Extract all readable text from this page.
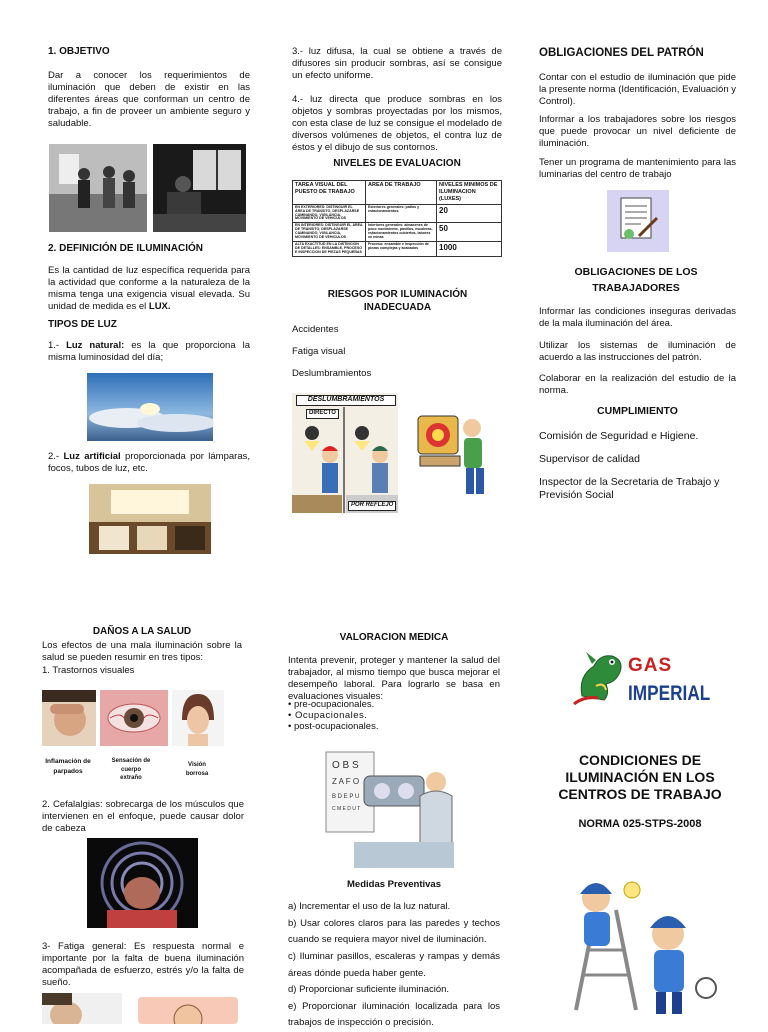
1. OBJETIVO
Dar a conocer los requerimientos de iluminación que deben de existir en las diferentes áreas que conforman un centro de trabajo, a fin de proveer un ambiente seguro y saludable.
2. DEFINICIÓN DE ILUMINACIÓN
Es la cantidad de luz específica requerida para la actividad que conforme a la naturaleza de la misma tenga una exigencia visual elevada. Su unidad de medida es el LUX.
TIPOS DE LUZ
1.- Luz natural: es la que proporciona la misma luminosidad del día;
2.- Luz artificial proporcionada por lámparas, focos, tubos de luz, etc.
3.- luz difusa, la cual se obtiene a través de difusores sin producir sombras, así se consigue un efecto uniforme.
4.- luz directa que produce sombras en los objetos y sombras proyectadas por los mismos, con esta clase de luz se consigue el modelado de diversos volúmenes de objetos, el contra luz de éstos y el dibujo de sus contornos.
NIVELES DE EVALUACION
TAREA VISUAL DEL PUESTO DE TRABAJO	AREA DE TRABAJO	NIVELES MINIMOS DE ILUMINACION (LUXES)
EN EXTERIORES: DISTINGUIR EL ÁREA DE TRÁNSITO, DESPLAZARSE CAMINANDO, VIGILANCIA, MOVIMIENTO DE VEHICULOS	Exteriores generales: patios y estacionamientos.	20
EN INTERIORES: DISTINGUIR EL ÁREA DE TRÁNSITO, DESPLAZARSE CAMINANDO, VIGILANCIA, MOVIMIENTO DE VEHICULOS	Interiores generales: almacenes de poco movimiento, pasillos, escaleras, estacionamientos cubiertos, labores en minas	50
ALTA EXACTITUD EN LA DISTINCION DE DETALLES: ENSAMBLE, PROCESO E INSPECCION DE PIEZAS PEQUEÑAS	Proceso: ensamble e inspección de piezas complejas y acabados	1000
RIESGOS POR ILUMINACIÓN INADECUADA
Accidentes
Fatiga visual
Deslumbramientos
DESLUMBRAMIENTOS
DIRECTO
POR REFLEJO
OBLIGACIONES DEL PATRÓN
Contar con el estudio de iluminación que pide la presente norma (Identificación, Evaluación y Control).
Informar a los trabajadores sobre los riesgos que puede provocar un nivel deficiente de iluminación.
Tener un programa de mantenimiento para las luminarias del centro de trabajo
OBLIGACIONES DE LOS TRABAJADORES
Informar las condiciones inseguras derivadas de la mala iluminación del área.
Utilizar los sistemas de iluminación de acuerdo a las instrucciones del patrón.
Colaborar en la realización del estudio de la norma.
CUMPLIMIENTO
Comisión de Seguridad e Higiene.
Supervisor de calidad
Inspector de la Secretaria de Trabajo y Previsión Social
DAÑOS A LA SALUD
Los efectos de una mala iluminación sobre la salud se pueden resumir en tres tipos:
1. Trastornos visuales
Inflamación de parpados
Sensación de cuerpo extraño
Visión borrosa
2. Cefalalgias: sobrecarga de los músculos que intervienen en el enfoque, puede causar dolor de cabeza
3- Fatiga general: Es respuesta normal e importante por la falta de buena iluminación acompañada de esfuerzo, estrés y/o la falta de sueño.
VALORACION MEDICA
Intenta prevenir, proteger y mantener la salud del trabajador, al mismo tiempo que busca mejorar el desempeño laboral. Para lograrlo se basa en evaluaciones visuales:
• pre-ocupacionales.
• Ocupacionales.
• post-ocupacionales.
O B S
Z A F O
B D E P U
C M E D U T
Medidas Preventivas
a) Incrementar el uso de la luz natural.
b) Usar colores claros para las paredes y techos cuando se requiera mayor nivel de iluminación.
c) Iluminar pasillos, escaleras y rampas y demás áreas dónde pueda haber gente.
d) Proporcionar suficiente iluminación.
e) Proporcionar iluminación localizada para los trabajos de inspección o precisión.
GAS
IMPERIAL
CONDICIONES DE ILUMINACIÓN EN LOS CENTROS DE TRABAJO
NORMA 025-STPS-2008
